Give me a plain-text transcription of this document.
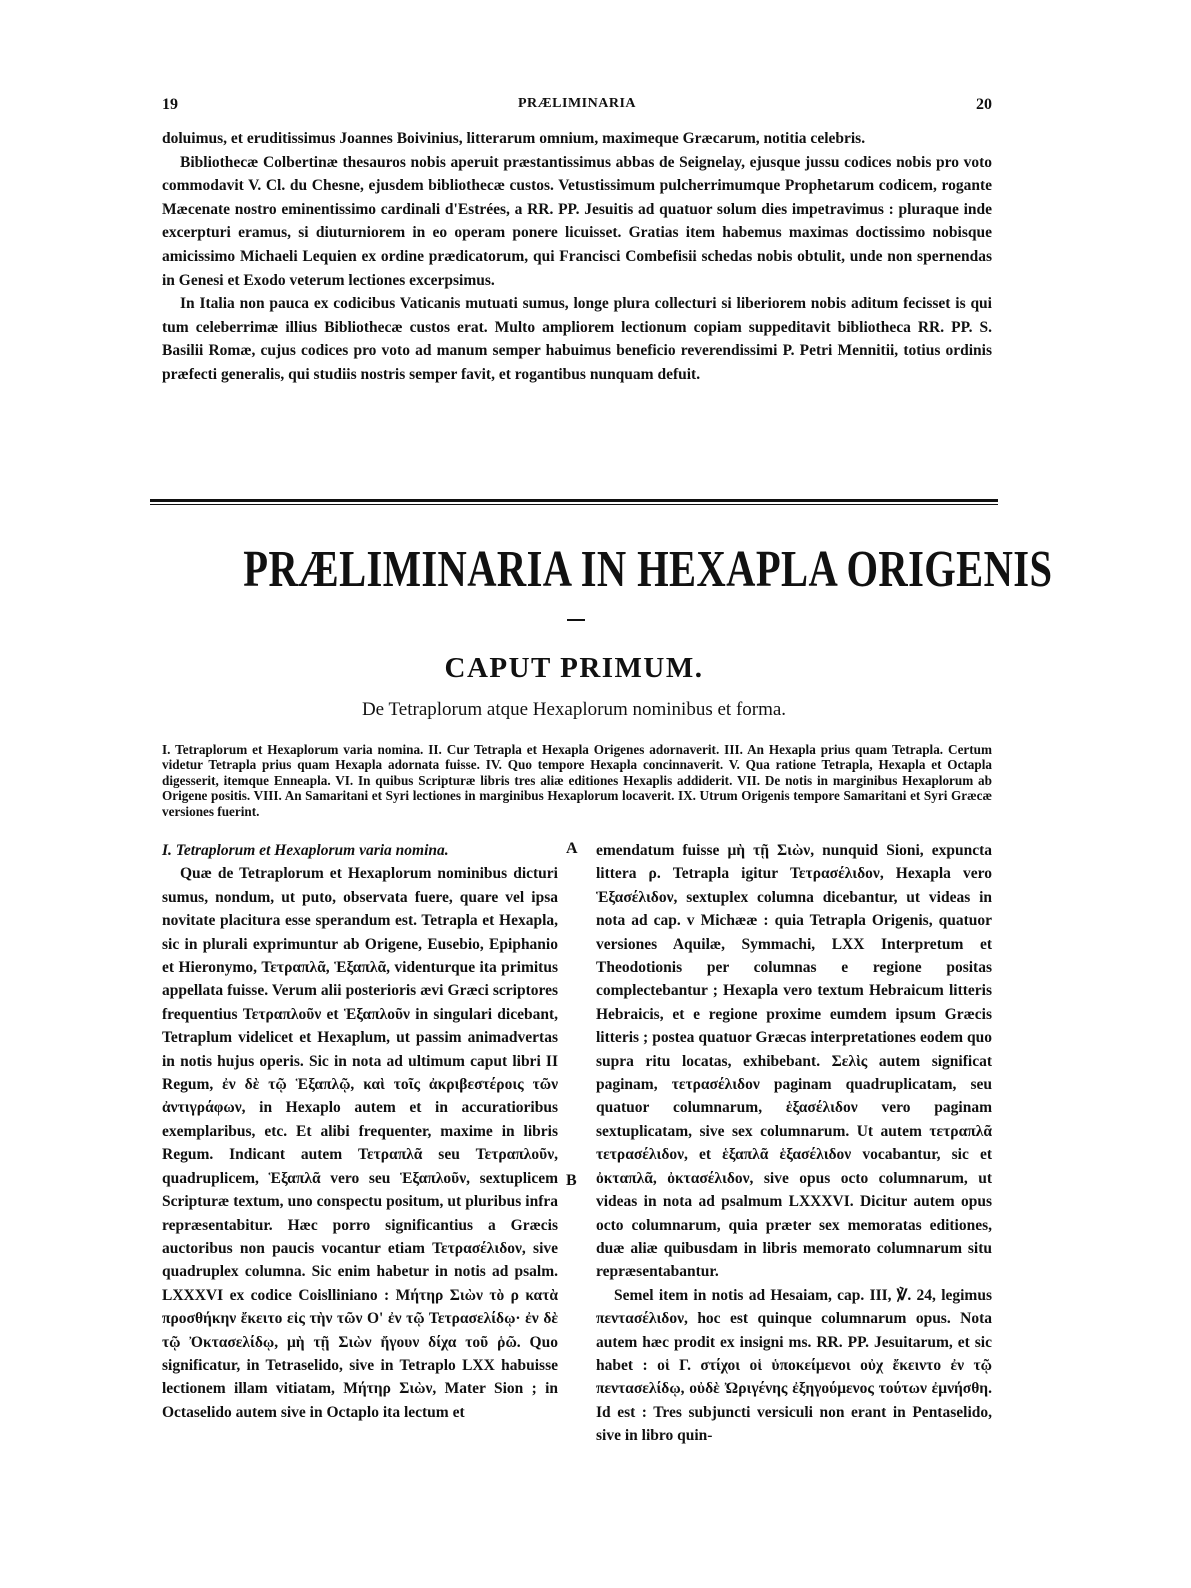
19	PRÆLIMINARIA	20

doluimus, et eruditissimus Joannes Boivinius, litterarum omnium, maximeque Græcarum, notitia celebris.

Bibliothecæ Colbertinæ thesauros nobis aperuit præstantissimus abbas de Seignelay, ejusque jussu codices nobis pro voto commodavit V. Cl. du Chesne, ejusdem bibliothecæ custos. Vetustissimum pulcherrimumque Prophetarum codicem, rogante Mæcenate nostro eminentissimo cardinali d'Estrées, a RR. PP. Jesuitis ad quatuor solum dies impetravimus : pluraque inde excerpturi eramus, si diuturniorem in eo operam ponere licuisset. Gratias item habemus maximas doctissimo nobisque amicissimo Michaeli Lequien ex ordine prædicatorum, qui Francisci Combefisii schedas nobis obtulit, unde non spernendas in Genesi et Exodo veterum lectiones excerpsimus.

In Italia non pauca ex codicibus Vaticanis mutuati sumus, longe plura collecturi si liberiorem nobis aditum fecisset is qui tum celeberrimæ illius Bibliothecæ custos erat. Multo ampliorem lectionum copiam suppeditavit bibliotheca RR. PP. S. Basilii Romæ, cujus codices pro voto ad manum semper habuimus beneficio reverendissimi P. Petri Mennitii, totius ordinis præfecti generalis, qui studiis nostris semper favit, et rogantibus nunquam defuit.

PRÆLIMINARIA IN HEXAPLA ORIGENIS
CAPUT PRIMUM.
De Tetraplorum atque Hexaplorum nominibus et forma.
I. Tetraplorum et Hexaplorum varia nomina. II. Cur Tetrapla et Hexapla Origenes adornaverit. III. An Hexapla prius quam Tetrapla. Certum videtur Tetrapla prius quam Hexapla adornata fuisse. IV. Quo tempore Hexapla concinnaverit. V. Qua ratione Tetrapla, Hexapla et Octapla digesserit, itemque Enneapla. VI. In quibus Scripturæ libris tres aliæ editiones Hexaplis addiderit. VII. De notis in marginibus Hexaplorum ab Origene positis. VIII. An Samaritani et Syri lectiones in marginibus Hexaplorum locaverit. IX. Utrum Origenis tempore Samaritani et Syri Græcæ versiones fuerint.

I. Tetraplorum et Hexaplorum varia nomina.

Quæ de Tetraplorum et Hexaplorum nominibus dicturi sumus, nondum, ut puto, observata fuere, quare vel ipsa novitate placitura esse sperandum est. Tetrapla et Hexapla, sic in plurali exprimuntur ab Origene, Eusebio, Epiphanio et Hieronymo, Τετραπλᾶ, Ἑξαπλᾶ, videnturque ita primitus appellata fuisse. Verum alii posterioris ævi Græci scriptores frequentius Τετραπλοῦν et Ἑξαπλοῦν in singulari dicebant, Tetraplum videlicet et Hexaplum, ut passim animadvertas in notis hujus operis. Sic in nota ad ultimum caput libri II Regum, ἐν δὲ τῷ Ἑξαπλῷ, καὶ τοῖς ἀκριβεστέροις τῶν ἀντιγράφων, in Hexaplo autem et in accuratioribus exemplaribus, etc. Et alibi frequenter, maxime in libris Regum. Indicant autem Τετραπλᾶ seu Τετραπλοῦν, quadruplicem, Ἑξαπλᾶ vero seu Ἑξαπλοῦν, sextuplicem Scripturæ textum, uno conspectu positum, ut pluribus infra repræsentabitur. Hæc porro significantius a Græcis auctoribus non paucis vocantur etiam Τετρασέλιδον, sive quadruplex columna. Sic enim habetur in notis ad psalm. LXXXVI ex codice Coislliniano : Μήτηρ Σιὼν τὸ ρ κατὰ προσθήκην ἔκειτο εἰς τὴν τῶν Ο' ἐν τῷ Τετρασελίδῳ· ἐν δὲ τῷ Ὀκτασελίδῳ, μὴ τῇ Σιὼν ἤγουν δίχα τοῦ ῥῶ. Quo significatur, in Tetraselido, sive in Tetraplo LXX habuisse lectionem illam vitiatam, Μήτηρ Σιὼν, Mater Sion ; in Octaselido autem sive in Octaplo ita lectum et

emendatum fuisse μὴ τῇ Σιὼν, nunquid Sioni, expuncta littera ρ. Tetrapla igitur Τετρασέλιδον, Hexapla vero Ἑξασέλιδον, sextuplex columna dicebantur, ut videas in nota ad cap. v Michææ : quia Tetrapla Origenis, quatuor versiones Aquilæ, Symmachi, LXX Interpretum et Theodotionis per columnas e regione positas complectebantur ; Hexapla vero textum Hebraicum litteris Hebraicis, et e regione proxime eumdem ipsum Græcis litteris ; postea quatuor Græcas interpretationes eodem quo supra ritu locatas, exhibebant. Σελὶς autem significat paginam, τετρασέλιδον paginam quadruplicatam, seu quatuor columnarum, ἑξασέλιδον vero paginam sextuplicatam, sive sex columnarum. Ut autem τετραπλᾶ τετρασέλιδον, et ἑξαπλᾶ ἑξασέλιδον vocabantur, sic et ὀκταπλᾶ, ὀκτασέλιδον, sive opus octo columnarum, ut videas in nota ad psalmum LXXXVI. Dicitur autem opus octo columnarum, quia præter sex memoratas editiones, duæ aliæ quibusdam in libris memorato columnarum situ repræsentabantur.

Semel item in notis ad Hesaiam, cap. III, ℣. 24, legimus πεντασέλιδον, hoc est quinque columnarum opus. Nota autem hæc prodit ex insigni ms. RR. PP. Jesuitarum, et sic habet : οἱ Γ. στίχοι οἱ ὑποκείμενοι οὐχ ἔκειντο ἐν τῷ πεντασελίδῳ, οὐδὲ Ὠριγένης ἐξηγούμενος τούτων ἐμνήσθη. Id est : Tres subjuncti versiculi non erant in Pentaselido, sive in libro quin-

A
B
